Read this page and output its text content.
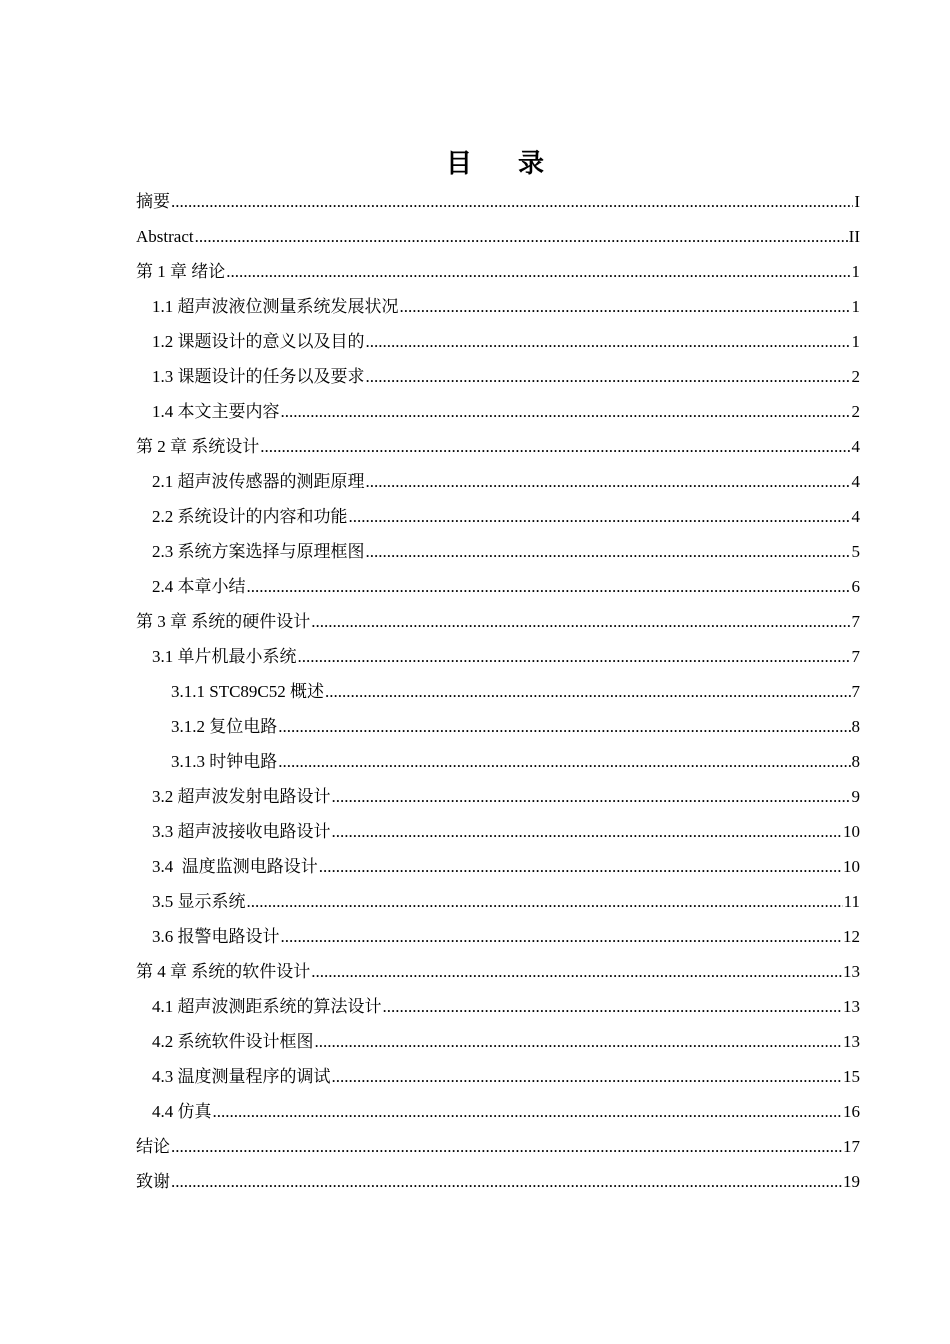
目 录
摘要 .....	I
Abstract .....	II
第 1 章 绪论 .....	1
1.1 超声波液位测量系统发展状况 .....	1
1.2 课题设计的意义以及目的 .....	1
1.3 课题设计的任务以及要求 .....	2
1.4 本文主要内容 .....	2
第 2 章 系统设计 .....	4
2.1 超声波传感器的测距原理 .....	4
2.2 系统设计的内容和功能 .....	4
2.3 系统方案选择与原理框图 .....	5
2.4 本章小结 .....	6
第 3 章 系统的硬件设计 .....	7
3.1 单片机最小系统 .....	7
3.1.1 STC89C52 概述 .....	7
3.1.2 复位电路 .....	8
3.1.3 时钟电路 .....	8
3.2 超声波发射电路设计 .....	9
3.3 超声波接收电路设计 .....	10
3.4  温度监测电路设计 .....	10
3.5 显示系统 .....	11
3.6 报警电路设计 .....	12
第 4 章 系统的软件设计 .....	13
4.1 超声波测距系统的算法设计 .....	13
4.2 系统软件设计框图 .....	13
4.3 温度测量程序的调试 .....	15
4.4 仿真 .....	16
结论 .....	17
致谢 .....	19
